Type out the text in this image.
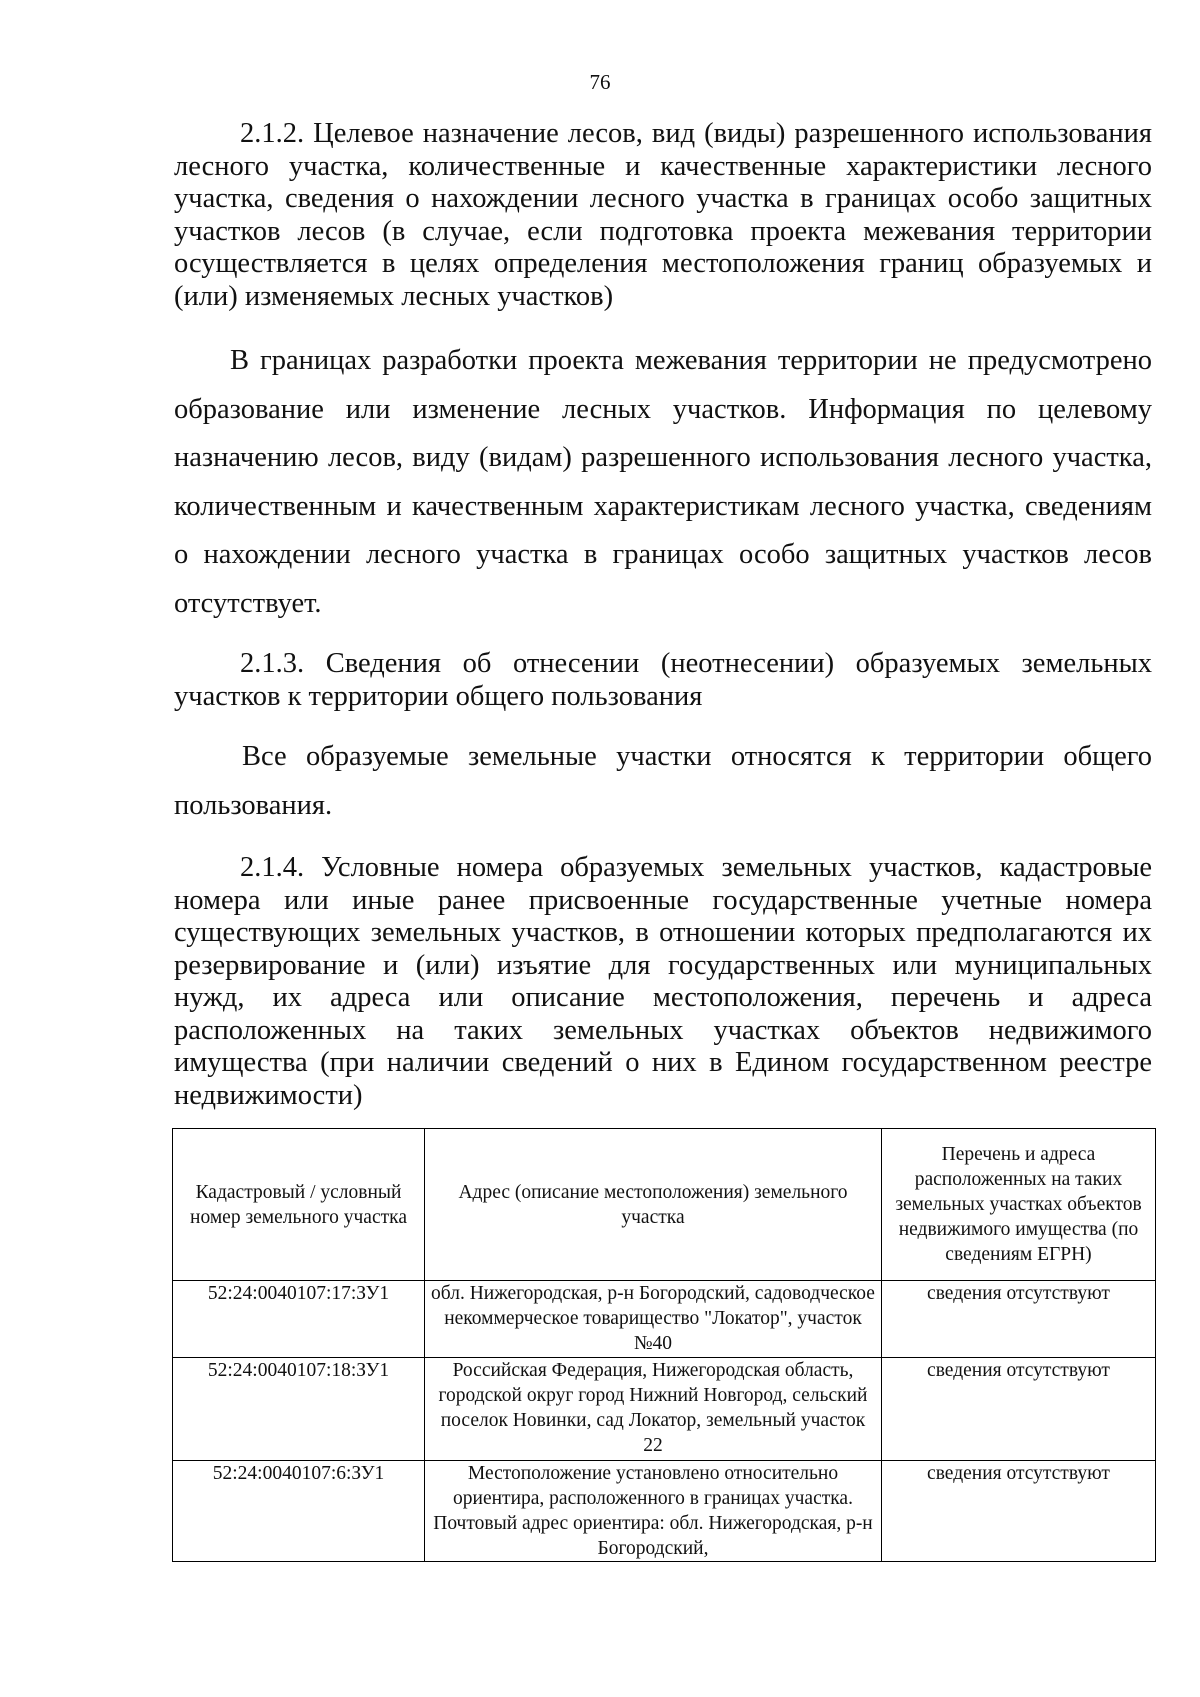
76

2.1.2. Целевое назначение лесов, вид (виды) разрешенного использования лесного участка, количественные и качественные характеристики лесного участка, сведения о нахождении лесного участка в границах особо защитных участков лесов (в случае, если подготовка проекта межевания территории осуществляется в целях определения местоположения границ образуемых и (или) изменяемых лесных участков)

В границах разработки проекта межевания территории не предусмотрено образование или изменение лесных участков. Информация по целевому назначению лесов, виду (видам) разрешенного использования лесного участка, количественным и качественным характеристикам лесного участка, сведениям о нахождении лесного участка в границах особо защитных участков лесов отсутствует.

2.1.3. Сведения об отнесении (неотнесении) образуемых земельных участков к территории общего пользования

Все образуемые земельные участки относятся к территории общего пользования.

2.1.4. Условные номера образуемых земельных участков, кадастровые номера или иные ранее присвоенные государственные учетные номера существующих земельных участков, в отношении которых предполагаются их резервирование и (или) изъятие для государственных или муниципальных нужд, их адреса или описание местоположения, перечень и адреса расположенных на таких земельных участках объектов недвижимого имущества (при наличии сведений о них в Едином государственном реестре недвижимости)

Кадастровый / условный номер земельного участка	Адрес (описание местоположения) земельного участка	Перечень и адреса расположенных на таких земельных участках объектов недвижимого имущества (по сведениям ЕГРН)
52:24:0040107:17:ЗУ1	обл. Нижегородская, р-н Богородский, садоводческое некоммерческое товарищество "Локатор", участок №40	сведения отсутствуют
52:24:0040107:18:ЗУ1	Российская Федерация, Нижегородская область, городской округ город Нижний Новгород, сельский поселок Новинки, сад Локатор, земельный участок 22	сведения отсутствуют
52:24:0040107:6:ЗУ1	Местоположение установлено относительно ориентира, расположенного в границах участка. Почтовый адрес ориентира: обл. Нижегородская, р-н Богородский,	сведения отсутствуют
